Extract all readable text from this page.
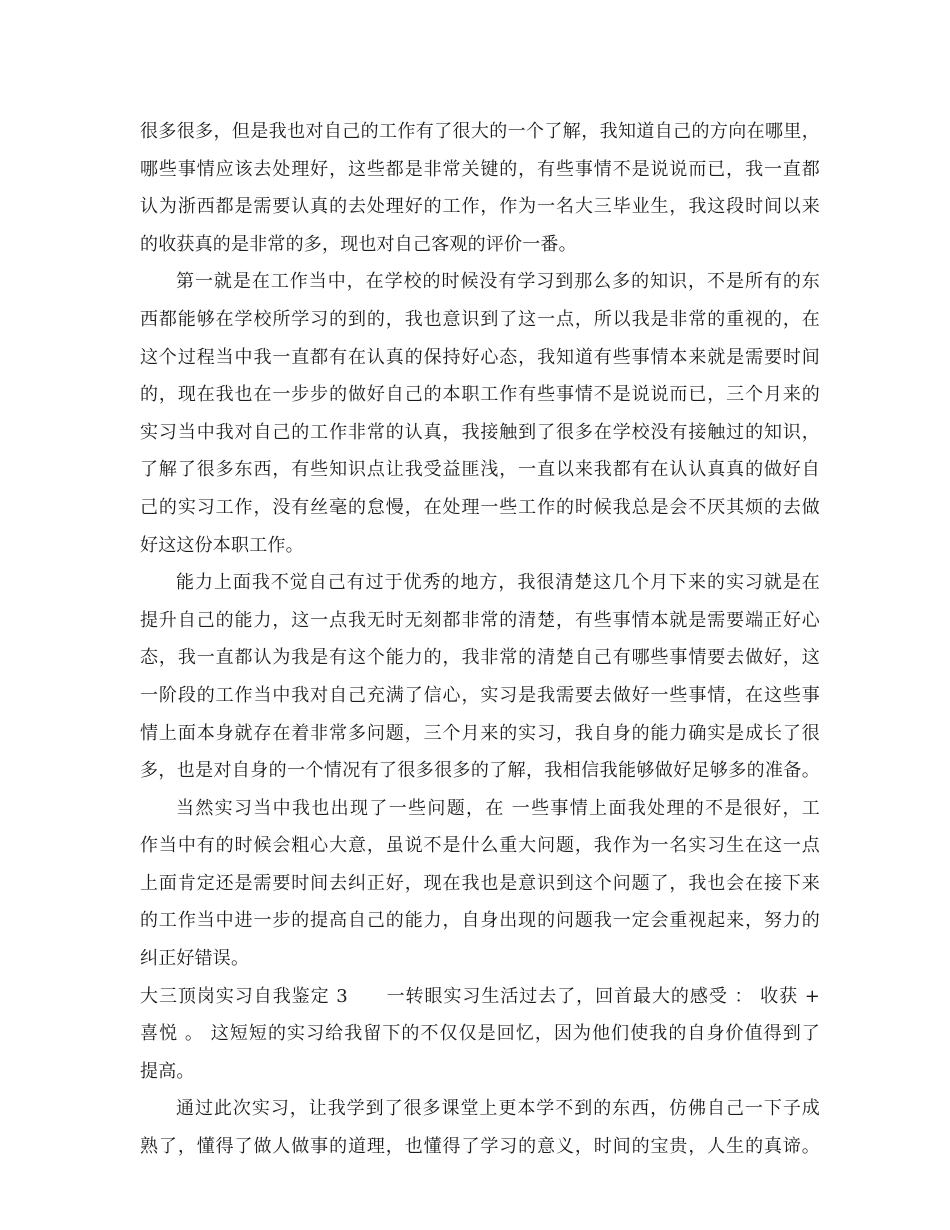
很多很多，但是我也对自己的工作有了很大的一个了解，我知道自己的方向在哪里，
哪些事情应该去处理好，这些都是非常关键的，有些事情不是说说而已，我一直都
认为浙西都是需要认真的去处理好的工作，作为一名大三毕业生，我这段时间以来
的收获真的是非常的多，现也对自己客观的评价一番。
第一就是在工作当中，在学校的时候没有学习到那么多的知识，不是所有的东
西都能够在学校所学习的到的，我也意识到了这一点，所以我是非常的重视的，在
这个过程当中我一直都有在认真的保持好心态，我知道有些事情本来就是需要时间
的，现在我也在一步步的做好自己的本职工作有些事情不是说说而已，三个月来的
实习当中我对自己的工作非常的认真，我接触到了很多在学校没有接触过的知识，
了解了很多东西，有些知识点让我受益匪浅，一直以来我都有在认认真真的做好自
己的实习工作，没有丝毫的怠慢，在处理一些工作的时候我总是会不厌其烦的去做
好这这份本职工作。
能力上面我不觉自己有过于优秀的地方，我很清楚这几个月下来的实习就是在
提升自己的能力，这一点我无时无刻都非常的清楚，有些事情本就是需要端正好心
态，我一直都认为我是有这个能力的，我非常的清楚自己有哪些事情要去做好，这
一阶段的工作当中我对自己充满了信心，实习是我需要去做好一些事情，在这些事
情上面本身就存在着非常多问题，三个月来的实习，我自身的能力确实是成长了很
多，也是对自身的一个情况有了很多很多的了解，我相信我能够做好足够多的准备。
当然实习当中我也出现了一些问题，在 一些事情上面我处理的不是很好，工
作当中有的时候会粗心大意，虽说不是什么重大问题，我作为一名实习生在这一点
上面肯定还是需要时间去纠正好，现在我也是意识到这个问题了，我也会在接下来
的工作当中进一步的提高自己的能力，自身出现的问题我一定会重视起来，努力的
纠正好错误。
大三顶岗实习自我鉴定 3　　一转眼实习生活过去了，回首最大的感受 ： 收获 +
喜悦 。 这短短的实习给我留下的不仅仅是回忆，因为他们使我的自身价值得到了
提高。
通过此次实习，让我学到了很多课堂上更本学不到的东西，仿佛自己一下子成
熟了，懂得了做人做事的道理，也懂得了学习的意义，时间的宝贵，人生的真谛。
